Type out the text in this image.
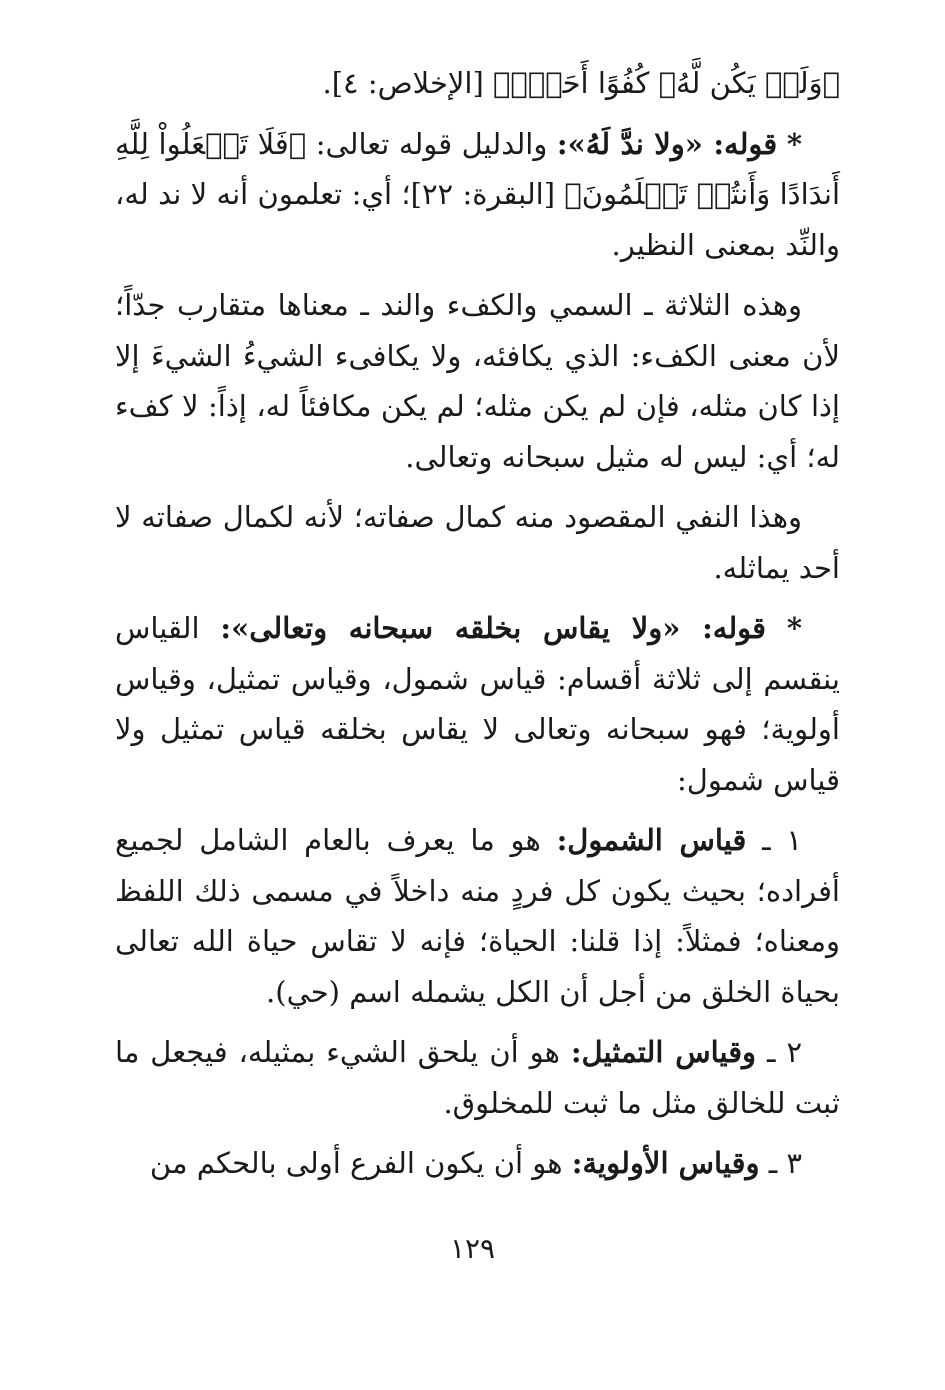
﴿وَلَمۡ يَكُن لَّهُۥ كُفُوًا أَحَدُۢ﴾ [الإخلاص: ٤].

* قوله: «ولا ندَّ لَهُ»: والدليل قوله تعالى: ﴿فَلَا تَجۡعَلُواْ لِلَّهِ أَندَادًا وَأَنتُمۡ تَعۡلَمُونَ﴾ [البقرة: ٢٢]؛ أي: تعلمون أنه لا ند له، والنِّد بمعنى النظير.

وهذه الثلاثة ـ السمي والكفء والند ـ معناها متقارب جدّاً؛ لأن معنى الكفء: الذي يكافئه، ولا يكافىء الشيءُ الشيءَ إلا إذا كان مثله، فإن لم يكن مثله؛ لم يكن مكافئاً له، إذاً: لا كفء له؛ أي: ليس له مثيل سبحانه وتعالى.

وهذا النفي المقصود منه كمال صفاته؛ لأنه لكمال صفاته لا أحد يماثله.

* قوله: «ولا يقاس بخلقه سبحانه وتعالى»: القياس ينقسم إلى ثلاثة أقسام: قياس شمول، وقياس تمثيل، وقياس أولوية؛ فهو سبحانه وتعالى لا يقاس بخلقه قياس تمثيل ولا قياس شمول:

١ ـ قياس الشمول: هو ما يعرف بالعام الشامل لجميع أفراده؛ بحيث يكون كل فردٍ منه داخلاً في مسمى ذلك اللفظ ومعناه؛ فمثلاً: إذا قلنا: الحياة؛ فإنه لا تقاس حياة الله تعالى بحياة الخلق من أجل أن الكل يشمله اسم (حي).

٢ ـ وقياس التمثيل: هو أن يلحق الشيء بمثيله، فيجعل ما ثبت للخالق مثل ما ثبت للمخلوق.

٣ ـ وقياس الأولوية: هو أن يكون الفرع أولى بالحكم من

١٢٩
